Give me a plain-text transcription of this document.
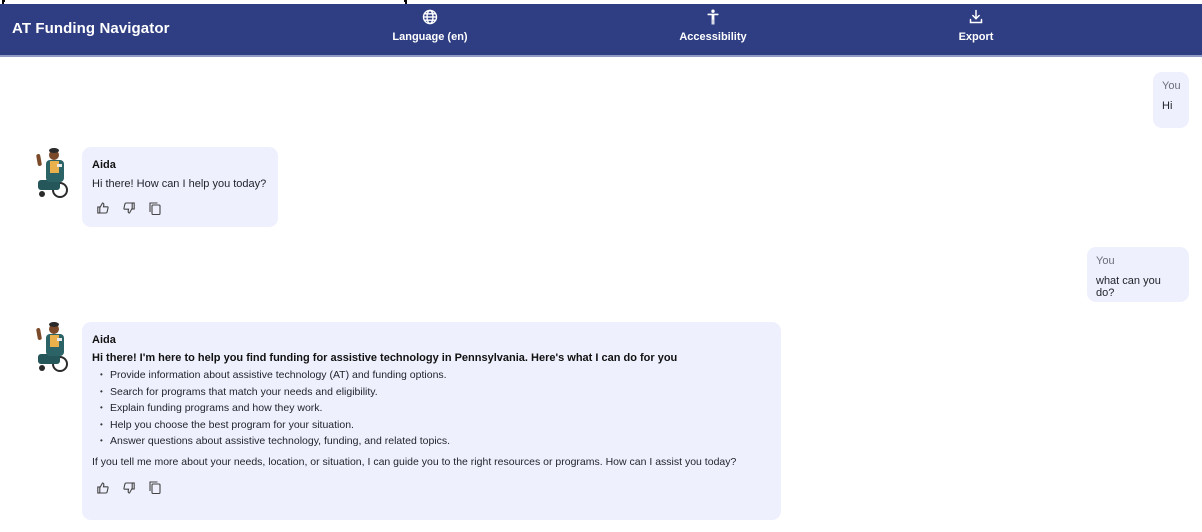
AT Funding Navigator	Language (en)	Accessibility	Export
You
Hi
Aida
Hi there! How can I help you today?
You
what can you do?
Aida
Hi there! I'm here to help you find funding for assistive technology in Pennsylvania. Here's what I can do for you
• Provide information about assistive technology (AT) and funding options.
• Search for programs that match your needs and eligibility.
• Explain funding programs and how they work.
• Help you choose the best program for your situation.
• Answer questions about assistive technology, funding, and related topics.
If you tell me more about your needs, location, or situation, I can guide you to the right resources or programs. How can I assist you today?
